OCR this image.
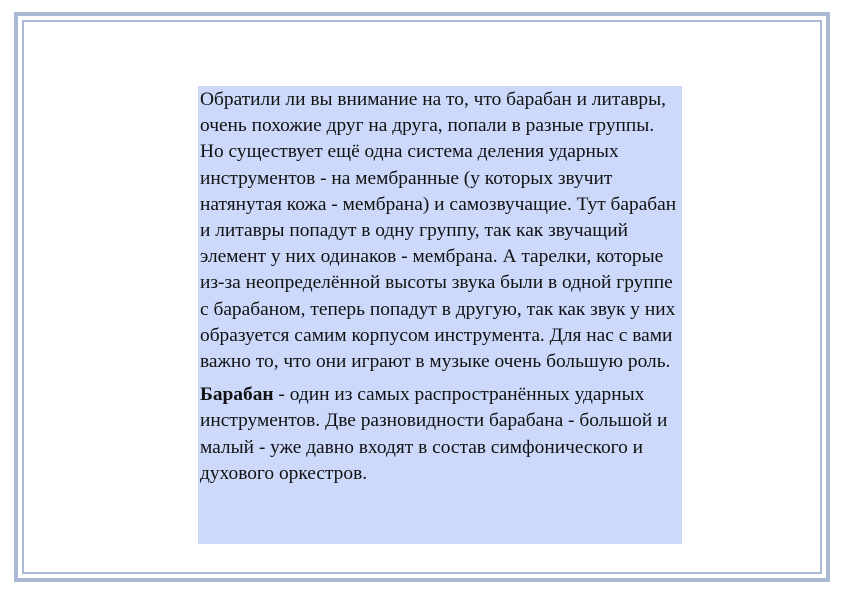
Обратили ли вы внимание на то, что барабан и литавры, очень похожие друг на друга, попали в разные группы. Но существует ещё одна система деления ударных инструментов - на мембранные (у которых звучит натянутая кожа - мембрана) и самозвучащие. Тут барабан и литавры попадут в одну группу, так как звучащий элемент у них одинаков - мембрана. А тарелки, которые из-за неопределённой высоты звука были в одной группе с барабаном, теперь попадут в другую, так как звук у них образуется самим корпусом инструмента. Для нас с вами важно то, что они играют в музыке очень большую роль.

Барабан - один из самых распространённых ударных инструментов. Две разновидности барабана - большой и малый - уже давно входят в состав симфонического и духового оркестров.
